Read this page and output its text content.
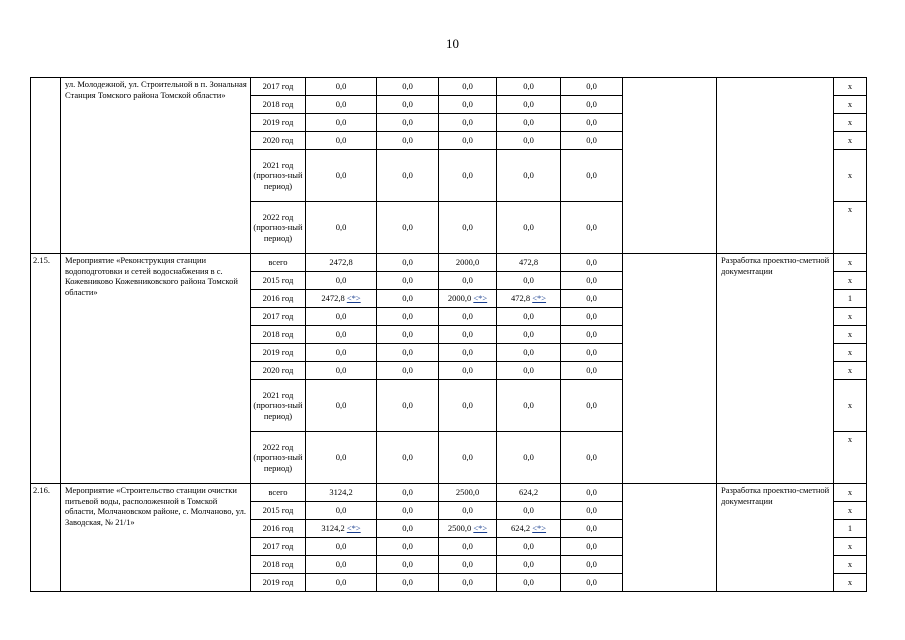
10
	ул. Молодежной, ул. Строительной в п. Зональная Станция Томского района Томской области»	2017 год	0,0	0,0	0,0	0,0	0,0			х
		2018 год	0,0	0,0	0,0	0,0	0,0			х
		2019 год	0,0	0,0	0,0	0,0	0,0			х
		2020 год	0,0	0,0	0,0	0,0	0,0			х
		2021 год (прогноз-ный период)	0,0	0,0	0,0	0,0	0,0			х
		2022 год (прогноз-ный период)	0,0	0,0	0,0	0,0	0,0			х
2.15.	Мероприятие «Реконструкция станции водоподготовки и сетей водоснабжения в с. Кожевниково Кожевниковского района Томской области»	всего	2472,8	0,0	2000,0	472,8	0,0		Разработка проектно-сметной документации	х
		2015 год	0,0	0,0	0,0	0,0	0,0			х
		2016 год	2472,8 <*>	0,0	2000,0 <*>	472,8 <*>	0,0			1
		2017 год	0,0	0,0	0,0	0,0	0,0			х
		2018 год	0,0	0,0	0,0	0,0	0,0			х
		2019 год	0,0	0,0	0,0	0,0	0,0			х
		2020 год	0,0	0,0	0,0	0,0	0,0			х
		2021 год (прогноз-ный период)	0,0	0,0	0,0	0,0	0,0			х
		2022 год (прогноз-ный период)	0,0	0,0	0,0	0,0	0,0			х
2.16.	Мероприятие «Строительство станции очистки питьевой воды, расположенной в Томской области, Молчановском районе, с. Молчаново, ул. Заводская, № 21/1»	всего	3124,2	0,0	2500,0	624,2	0,0		Разработка проектно-сметной документации	х
		2015 год	0,0	0,0	0,0	0,0	0,0			х
		2016 год	3124,2 <*>	0,0	2500,0 <*>	624,2 <*>	0,0			1
		2017 год	0,0	0,0	0,0	0,0	0,0			х
		2018 год	0,0	0,0	0,0	0,0	0,0			х
		2019 год	0,0	0,0	0,0	0,0	0,0			х
